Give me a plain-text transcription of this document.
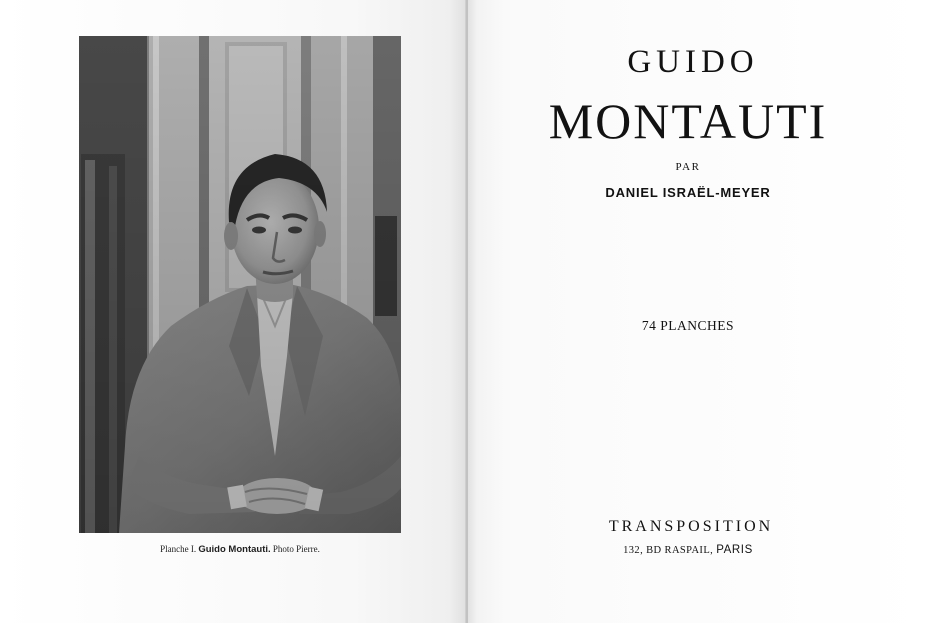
Planche I. Guido Montauti. Photo Pierre.
GUIDO
MONTAUTI
PAR
DANIEL ISRAËL-MEYER
74 PLANCHES
TRANSPOSITION
132, BD RASPAIL, PARIS
